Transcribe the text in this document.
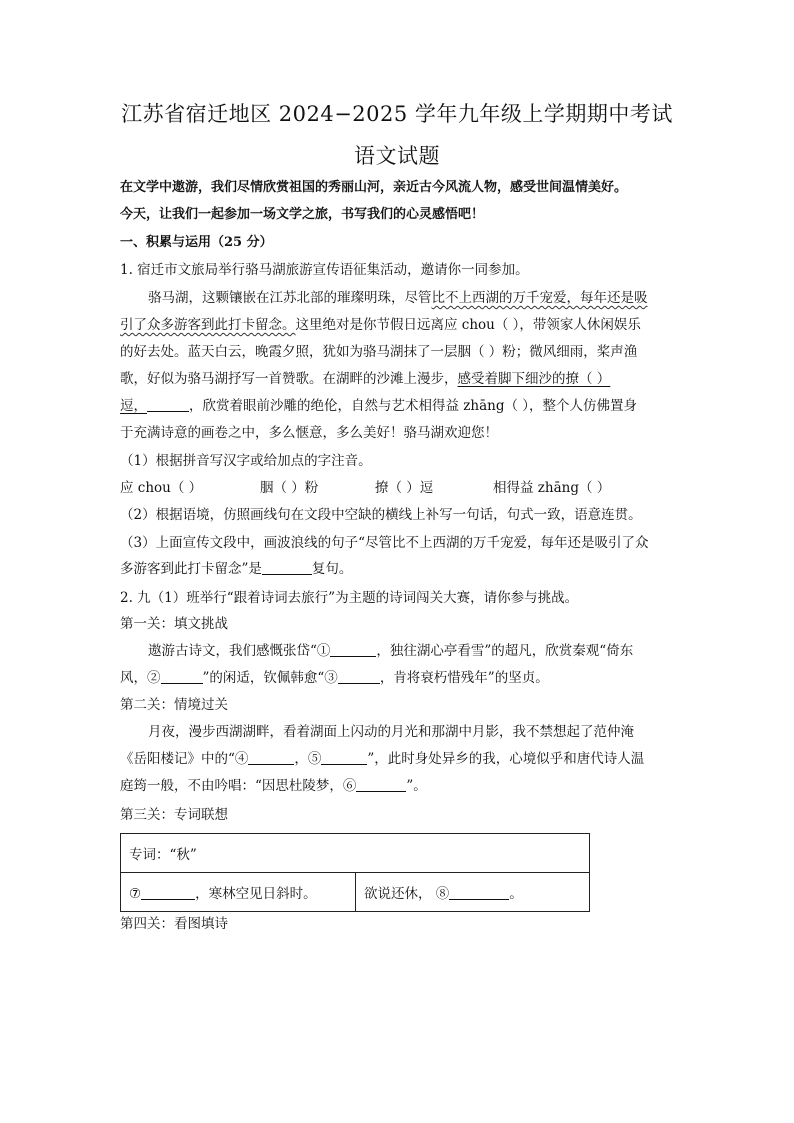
江苏省宿迁地区 2024−2025 学年九年级上学期期中考试
语文试题
在文学中遨游，我们尽情欣赏祖国的秀丽山河，亲近古今风流人物，感受世间温情美好。
今天，让我们一起参加一场文学之旅，书写我们的心灵感悟吧！
一、积累与运用（25 分）
1. 宿迁市文旅局举行骆马湖旅游宣传语征集活动，邀请你一同参加。
骆马湖，这颗镶嵌在江苏北部的璀璨明珠，尽管比不上西湖的万千宠爱，每年还是吸
引了众多游客到此打卡留念。这里绝对是你节假日远离应 chou（ ），带领家人休闲娱乐
的好去处。蓝天白云，晚霞夕照，犹如为骆马湖抹了一层胭（ ）粉；微风细雨，桨声渔
歌，好似为骆马湖抒写一首赞歌。在湖畔的沙滩上漫步，感受着脚下细沙的撩（ ）
逗，	，欣赏着眼前沙雕的绝伦，自然与艺术相得益 zhāng（ ），整个人仿佛置身
于充满诗意的画卷之中，多么惬意，多么美好！骆马湖欢迎您！
（1）根据拼音写汉字或给加点的字注音。
应 chou（ ）	胭（ ）粉	撩（ ）逗	相得益 zhāng（ ）
（2）根据语境，仿照画线句在文段中空缺的横线上补写一句话，句式一致，语意连贯。
（3）上面宣传文段中，画波浪线的句子“尽管比不上西湖的万千宠爱，每年还是吸引了众
多游客到此打卡留念”是	复句。
2. 九（1）班举行“跟着诗词去旅行”为主题的诗词闯关大赛，请你参与挑战。
第一关：填文挑战
遨游古诗文，我们感慨张岱“①	，独往湖心亭看雪”的超凡，欣赏秦观“倚东
风，②	”的闲适，钦佩韩愈“③	，肯将衰朽惜残年”的坚贞。
第二关：情境过关
月夜，漫步西湖湖畔，看着湖面上闪动的月光和那湖中月影，我不禁想起了范仲淹
《岳阳楼记》中的“④	，⑤	”，此时身处异乡的我，心境似乎和唐代诗人温
庭筠一般，不由吟唱：“因思杜陵梦，⑥	”。
第三关：专词联想
专词：“秋”
⑦	，寒林空见日斜时。	欲说还休， ⑧	。
第四关：看图填诗
